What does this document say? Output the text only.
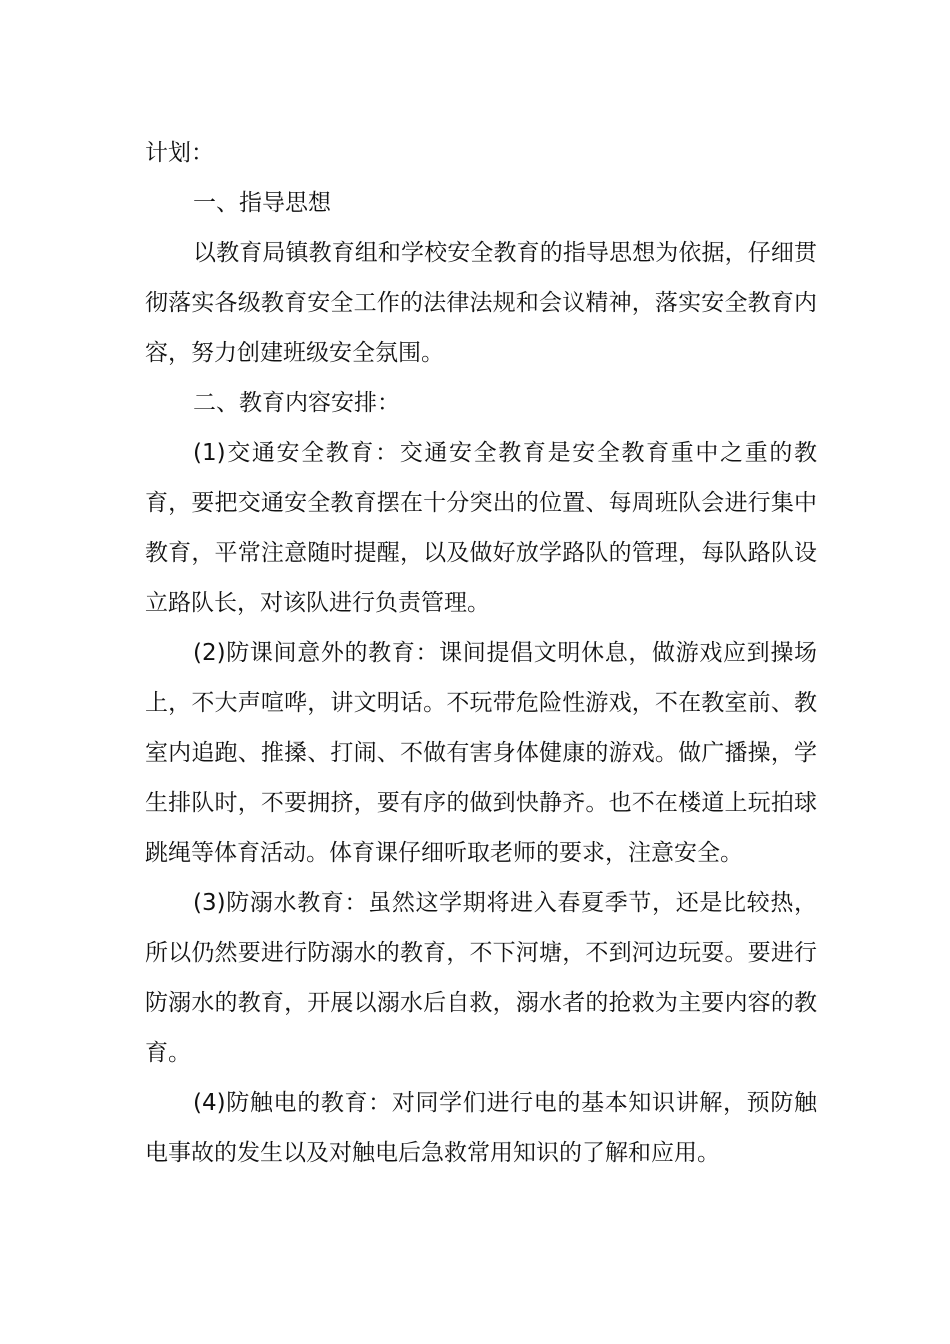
计划：

一、指导思想

以教育局镇教育组和学校安全教育的指导思想为依据，仔细贯彻落实各级教育安全工作的法律法规和会议精神，落实安全教育内容，努力创建班级安全氛围。

二、教育内容安排：

(1)交通安全教育：交通安全教育是安全教育重中之重的教育，要把交通安全教育摆在十分突出的位置、每周班队会进行集中教育，平常注意随时提醒，以及做好放学路队的管理，每队路队设立路队长，对该队进行负责管理。

(2)防课间意外的教育：课间提倡文明休息，做游戏应到操场上，不大声喧哗，讲文明话。不玩带危险性游戏，不在教室前、教室内追跑、推搡、打闹、不做有害身体健康的游戏。做广播操，学生排队时，不要拥挤，要有序的做到快静齐。也不在楼道上玩拍球跳绳等体育活动。体育课仔细听取老师的要求，注意安全。

(3)防溺水教育：虽然这学期将进入春夏季节，还是比较热，所以仍然要进行防溺水的教育，不下河塘，不到河边玩耍。要进行防溺水的教育，开展以溺水后自救，溺水者的抢救为主要内容的教育。

(4)防触电的教育：对同学们进行电的基本知识讲解，预防触电事故的发生以及对触电后急救常用知识的了解和应用。
